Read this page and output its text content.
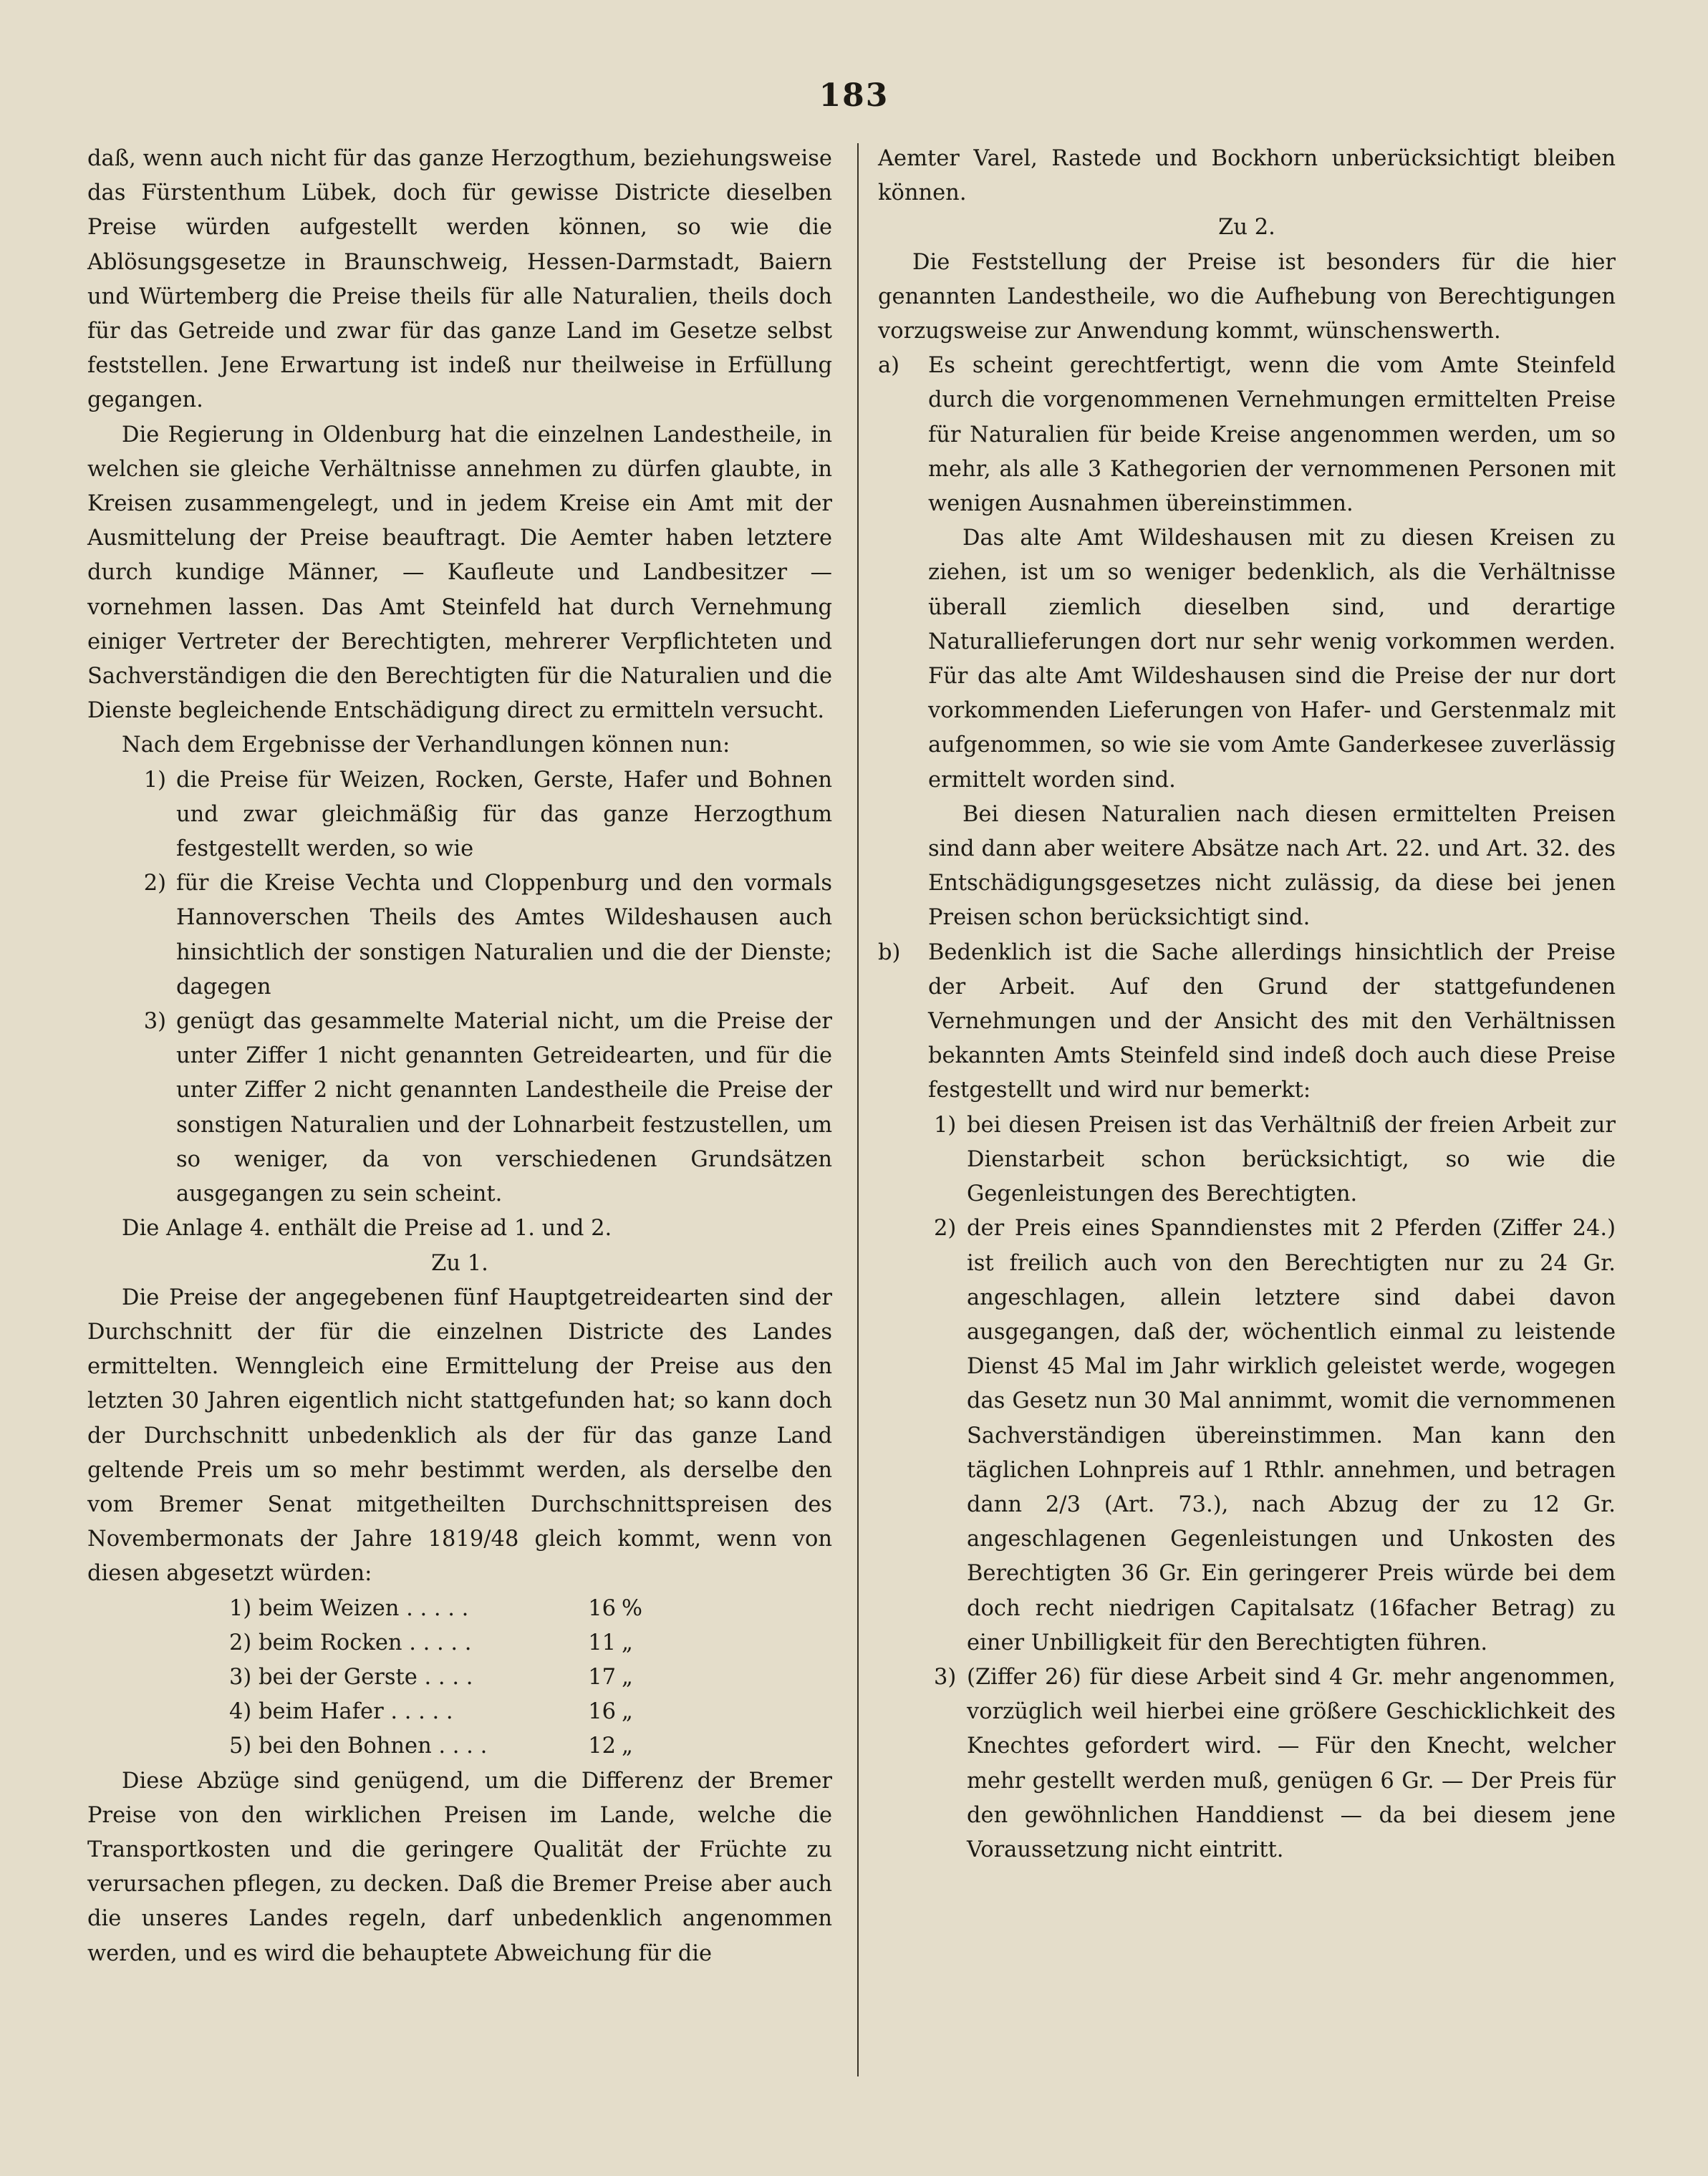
183

daß, wenn auch nicht für das ganze Herzogthum, beziehungsweise das Fürstenthum Lübek, doch für gewisse Districte dieselben Preise würden aufgestellt werden können, so wie die Ablösungsgesetze in Braunschweig, Hessen-Darmstadt, Baiern und Würtemberg die Preise theils für alle Naturalien, theils doch für das Getreide und zwar für das ganze Land im Gesetze selbst feststellen. Jene Erwartung ist indeß nur theilweise in Erfüllung gegangen.

Die Regierung in Oldenburg hat die einzelnen Landestheile, in welchen sie gleiche Verhältnisse annehmen zu dürfen glaubte, in Kreisen zusammengelegt, und in jedem Kreise ein Amt mit der Ausmittelung der Preise beauftragt. Die Aemter haben letztere durch kundige Männer, — Kaufleute und Landbesitzer — vornehmen lassen. Das Amt Steinfeld hat durch Vernehmung einiger Vertreter der Berechtigten, mehrerer Verpflichteten und Sachverständigen die den Berechtigten für die Naturalien und die Dienste begleichende Entschädigung direct zu ermitteln versucht.

Nach dem Ergebnisse der Verhandlungen können nun:

1) die Preise für Weizen, Rocken, Gerste, Hafer und Bohnen und zwar gleichmäßig für das ganze Herzogthum festgestellt werden, so wie
2) für die Kreise Vechta und Cloppenburg und den vormals Hannoverschen Theils des Amtes Wildeshausen auch hinsichtlich der sonstigen Naturalien und die der Dienste; dagegen
3) genügt das gesammelte Material nicht, um die Preise der unter Ziffer 1 nicht genannten Getreidearten, und für die unter Ziffer 2 nicht genannten Landestheile die Preise der sonstigen Naturalien und der Lohnarbeit festzustellen, um so weniger, da von verschiedenen Grundsätzen ausgegangen zu sein scheint.

Die Anlage 4. enthält die Preise ad 1. und 2.

Zu 1.

Die Preise der angegebenen fünf Hauptgetreidearten sind der Durchschnitt der für die einzelnen Districte des Landes ermittelten. Wenngleich eine Ermittelung der Preise aus den letzten 30 Jahren eigentlich nicht stattgefunden hat; so kann doch der Durchschnitt unbedenklich als der für das ganze Land geltende Preis um so mehr bestimmt werden, als derselbe den vom Bremer Senat mitgetheilten Durchschnittspreisen des Novembermonats der Jahre 1819/48 gleich kommt, wenn von diesen abgesetzt würden:

1) beim Weizen . . . . .	16 %
2) beim Rocken . . . . .	11 „
3) bei der Gerste . . . .	17 „
4) beim Hafer . . . . .	16 „
5) bei den Bohnen . . . .	12 „

Diese Abzüge sind genügend, um die Differenz der Bremer Preise von den wirklichen Preisen im Lande, welche die Transportkosten und die geringere Qualität der Früchte zu verursachen pflegen, zu decken. Daß die Bremer Preise aber auch die unseres Landes regeln, darf unbedenklich angenommen werden, und es wird die behauptete Abweichung für die

Aemter Varel, Rastede und Bockhorn unberücksichtigt bleiben können.

Zu 2.

Die Feststellung der Preise ist besonders für die hier genannten Landestheile, wo die Aufhebung von Berechtigungen vorzugsweise zur Anwendung kommt, wünschenswerth.

a)	Es scheint gerechtfertigt, wenn die vom Amte Steinfeld durch die vorgenommenen Vernehmungen ermittelten Preise für Naturalien für beide Kreise angenommen werden, um so mehr, als alle 3 Kathegorien der vernommenen Personen mit wenigen Ausnahmen übereinstimmen.

Das alte Amt Wildeshausen mit zu diesen Kreisen zu ziehen, ist um so weniger bedenklich, als die Verhältnisse überall ziemlich dieselben sind, und derartige Naturallieferungen dort nur sehr wenig vorkommen werden. Für das alte Amt Wildeshausen sind die Preise der nur dort vorkommenden Lieferungen von Hafer- und Gerstenmalz mit aufgenommen, so wie sie vom Amte Ganderkesee zuverlässig ermittelt worden sind.

Bei diesen Naturalien nach diesen ermittelten Preisen sind dann aber weitere Absätze nach Art. 22. und Art. 32. des Entschädigungsgesetzes nicht zulässig, da diese bei jenen Preisen schon berücksichtigt sind.

b)	Bedenklich ist die Sache allerdings hinsichtlich der Preise der Arbeit. Auf den Grund der stattgefundenen Vernehmungen und der Ansicht des mit den Verhältnissen bekannten Amts Steinfeld sind indeß doch auch diese Preise festgestellt und wird nur bemerkt:
1) bei diesen Preisen ist das Verhältniß der freien Arbeit zur Dienstarbeit schon berücksichtigt, so wie die Gegenleistungen des Berechtigten.
2) der Preis eines Spanndienstes mit 2 Pferden (Ziffer 24.) ist freilich auch von den Berechtigten nur zu 24 Gr. angeschlagen, allein letztere sind dabei davon ausgegangen, daß der, wöchentlich einmal zu leistende Dienst 45 Mal im Jahr wirklich geleistet werde, wogegen das Gesetz nun 30 Mal annimmt, womit die vernommenen Sachverständigen übereinstimmen. Man kann den täglichen Lohnpreis auf 1 Rthlr. annehmen, und betragen dann 2/3 (Art. 73.), nach Abzug der zu 12 Gr. angeschlagenen Gegenleistungen und Unkosten des Berechtigten 36 Gr. Ein geringerer Preis würde bei dem doch recht niedrigen Capitalsatz (16facher Betrag) zu einer Unbilligkeit für den Berechtigten führen.
3) (Ziffer 26) für diese Arbeit sind 4 Gr. mehr angenommen, vorzüglich weil hierbei eine größere Geschicklichkeit des Knechtes gefordert wird. — Für den Knecht, welcher mehr gestellt werden muß, genügen 6 Gr. — Der Preis für den gewöhnlichen Handdienst — da bei diesem jene Voraussetzung nicht eintritt.
